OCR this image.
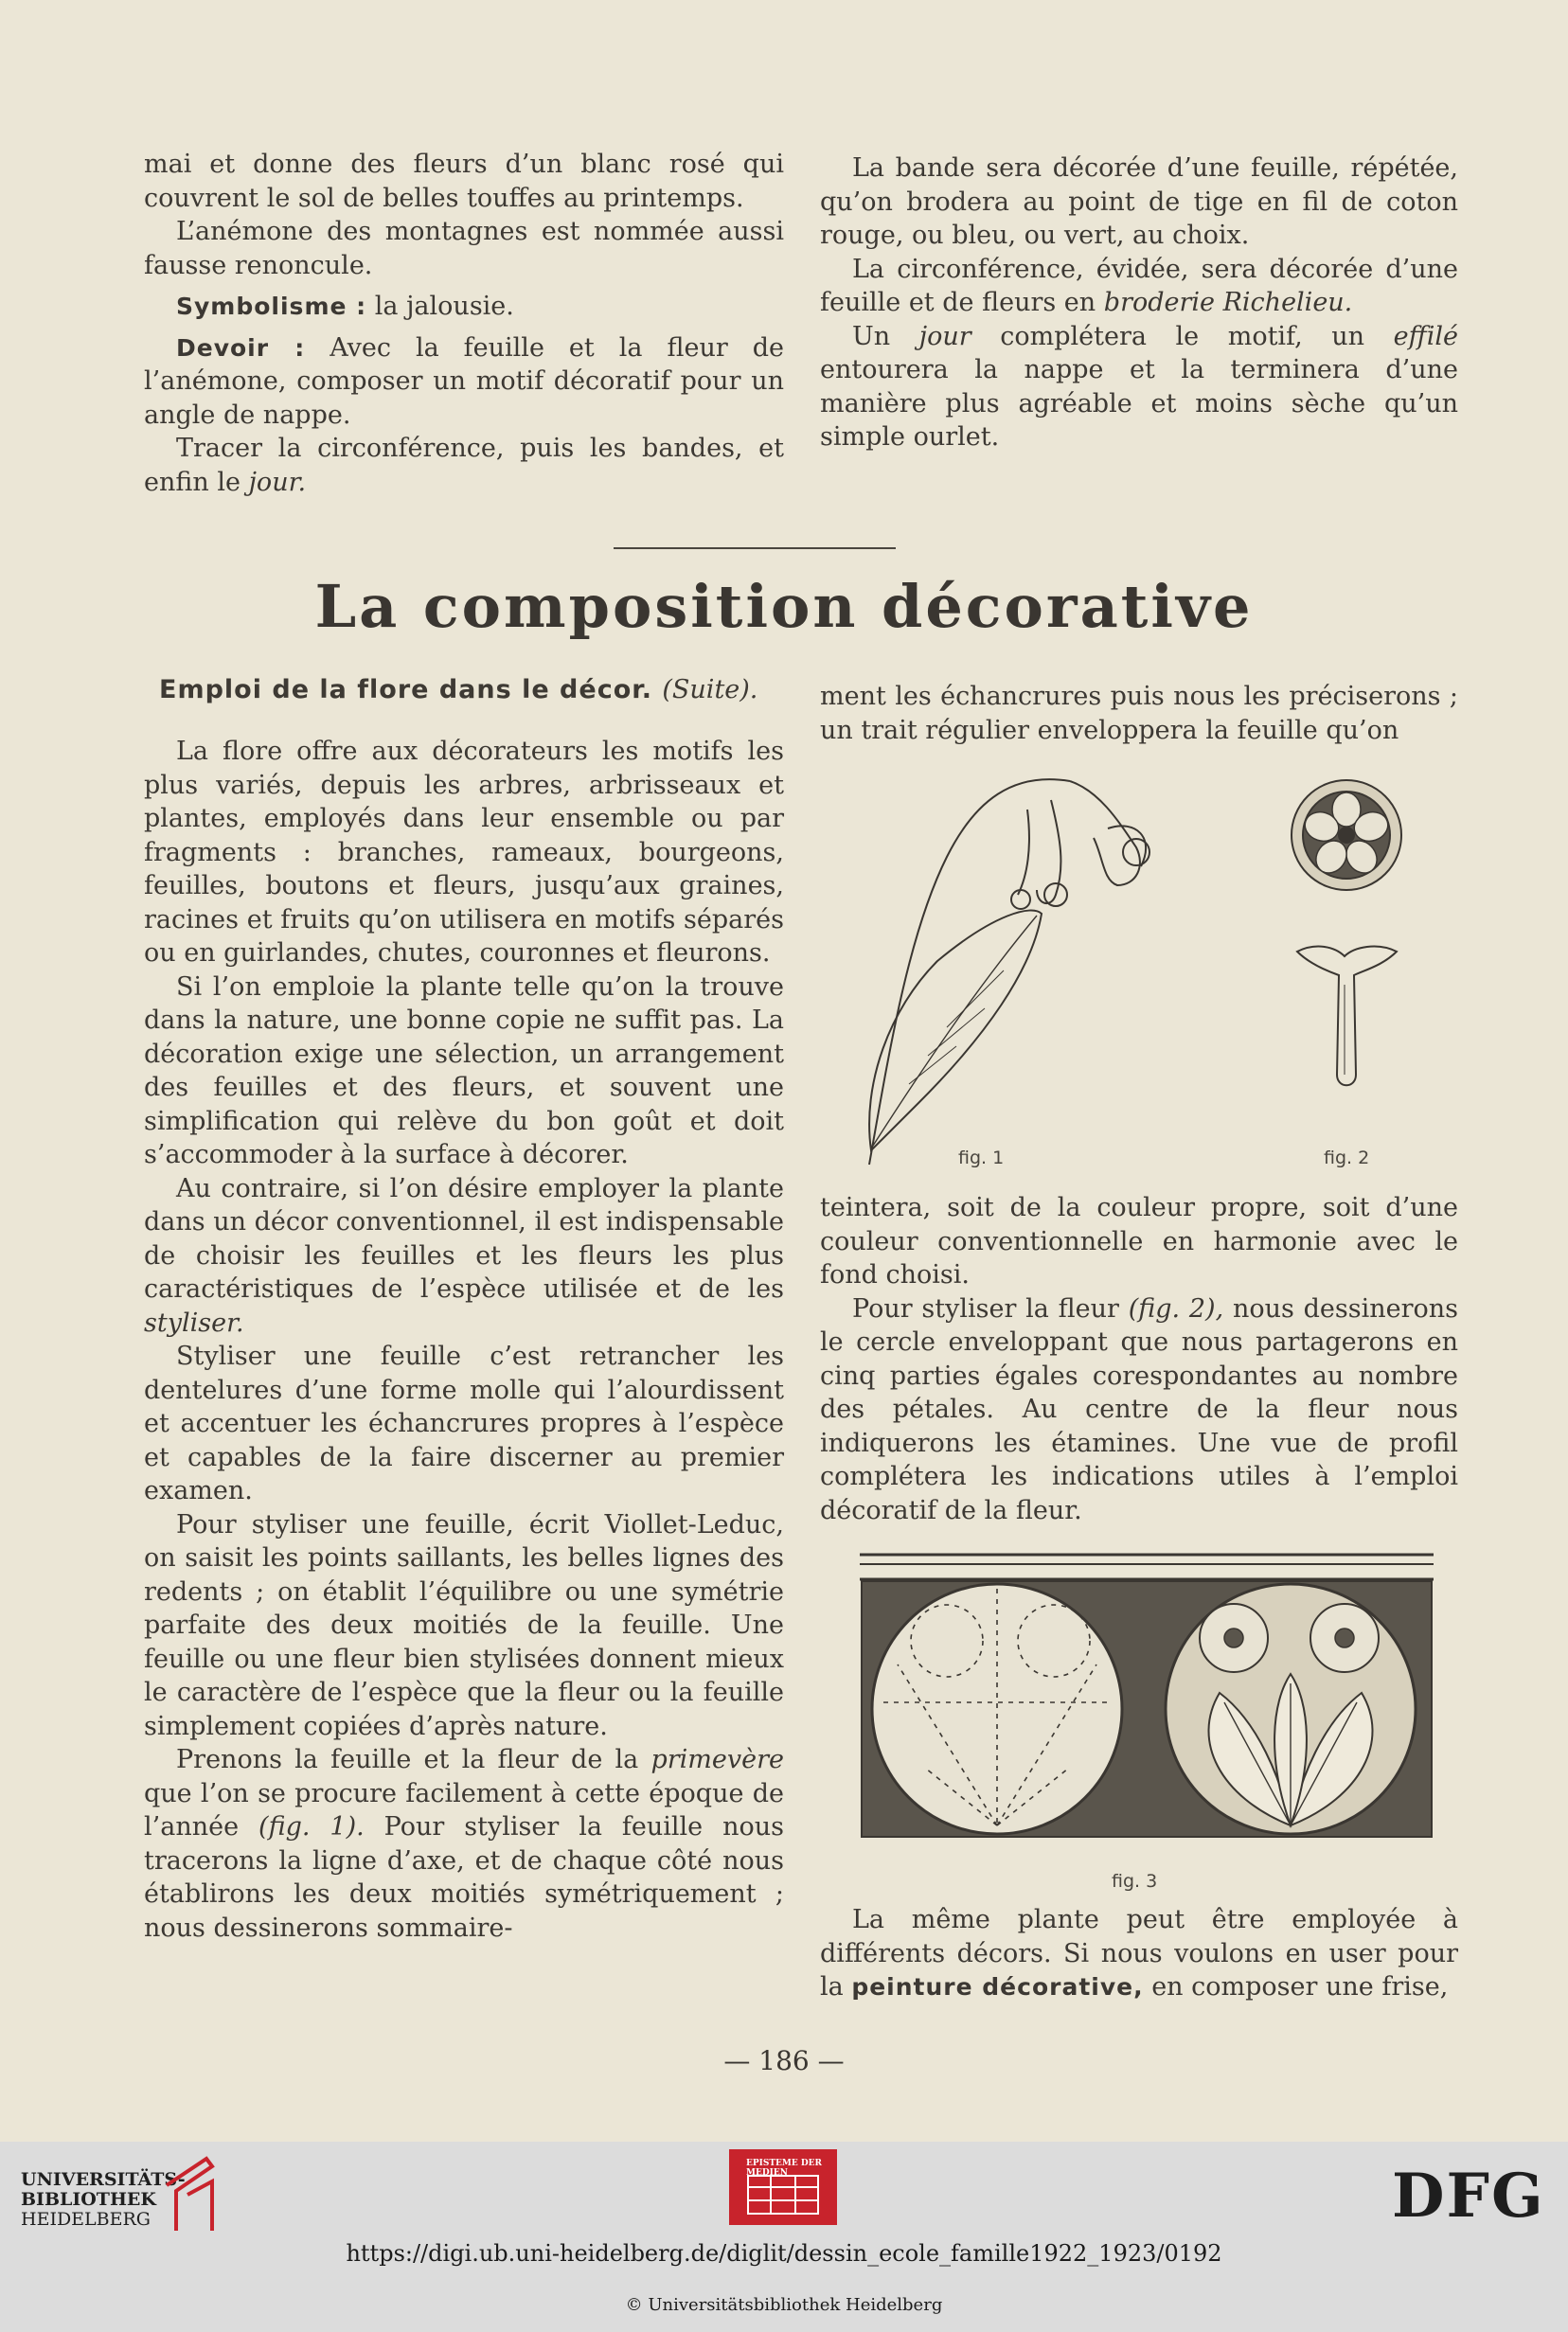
mai et donne des fleurs d’un blanc rosé qui couvrent le sol de belles touffes au printemps.

L’anémone des montagnes est nommée aussi fausse renoncule.

Symbolisme : la jalousie.

Devoir : Avec la feuille et la fleur de l’anémone, composer un motif décoratif pour un angle de nappe.

Tracer la circonférence, puis les bandes, et enfin le jour.

La bande sera décorée d’une feuille, répétée, qu’on brodera au point de tige en fil de coton rouge, ou bleu, ou vert, au choix.

La circonférence, évidée, sera décorée d’une feuille et de fleurs en broderie Richelieu.

Un jour complétera le motif, un effilé entourera la nappe et la terminera d’une manière plus agréable et moins sèche qu’un simple ourlet.

La composition décorative
Emploi de la flore dans le décor. (Suite).

La flore offre aux décorateurs les motifs les plus variés, depuis les arbres, arbrisseaux et plantes, employés dans leur ensemble ou par fragments : branches, rameaux, bourgeons, feuilles, boutons et fleurs, jusqu’aux graines, racines et fruits qu’on utilisera en motifs séparés ou en guirlandes, chutes, couronnes et fleurons.

Si l’on emploie la plante telle qu’on la trouve dans la nature, une bonne copie ne suffit pas. La décoration exige une sélection, un arrangement des feuilles et des fleurs, et souvent une simplification qui relève du bon goût et doit s’accommoder à la surface à décorer.

Au contraire, si l’on désire employer la plante dans un décor conventionnel, il est indispensable de choisir les feuilles et les fleurs les plus caractéristiques de l’espèce utilisée et de les styliser.

Styliser une feuille c’est retrancher les dentelures d’une forme molle qui l’alourdissent et accentuer les échancrures propres à l’espèce et capables de la faire discerner au premier examen.

Pour styliser une feuille, écrit Viollet-Leduc, on saisit les points saillants, les belles lignes des redents ; on établit l’équilibre ou une symétrie parfaite des deux moitiés de la feuille. Une feuille ou une fleur bien stylisées donnent mieux le caractère de l’espèce que la fleur ou la feuille simplement copiées d’après nature.

Prenons la feuille et la fleur de la primevère que l’on se procure facilement à cette époque de l’année (fig. 1). Pour styliser la feuille nous tracerons la ligne d’axe, et de chaque côté nous établirons les deux moitiés symétriquement ; nous dessinerons sommaire-

ment les échancrures puis nous les préciserons ; un trait régulier enveloppera la feuille qu’on

fig. 1	fig. 2

teintera, soit de la couleur propre, soit d’une couleur conventionnelle en harmonie avec le fond choisi.

Pour styliser la fleur (fig. 2), nous dessinerons le cercle enveloppant que nous partagerons en cinq parties égales corespondantes au nombre des pétales. Au centre de la fleur nous indiquerons les étamines. Une vue de profil complétera les indications utiles à l’emploi décoratif de la fleur.

fig. 3

La même plante peut être employée à différents décors. Si nous voulons en user pour la peinture décorative, en composer une frise,

— 186 —
UNIVERSITÄTS-
BIBLIOTHEK
HEIDELBERG
EPISTEME DER MEDIEN	DFG
https://digi.ub.uni-heidelberg.de/diglit/dessin_ecole_famille1922_1923/0192
© Universitätsbibliothek Heidelberg
